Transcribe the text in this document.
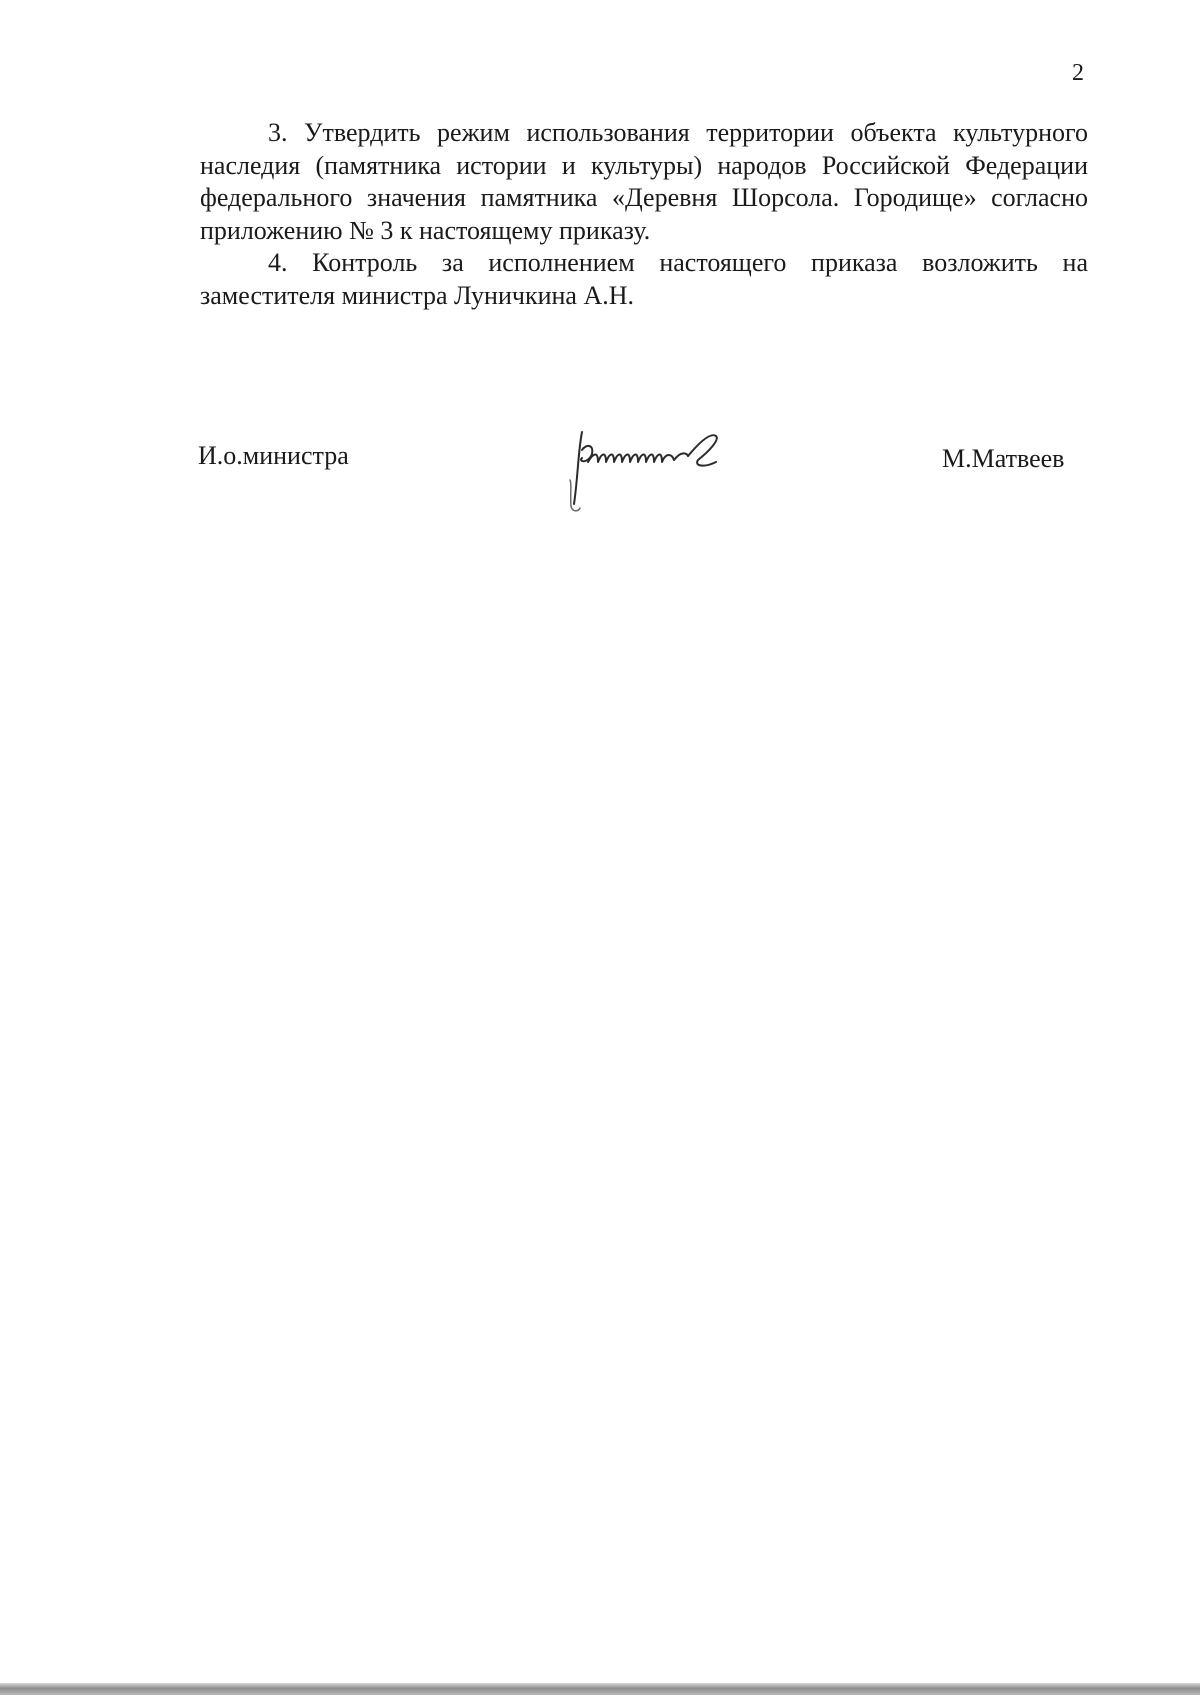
2

3. Утвердить режим использования территории объекта культурного наследия (памятника истории и культуры) народов Российской Федерации федерального значения памятника «Деревня Шорсола. Городище» согласно приложению № 3 к настоящему приказу.

4. Контроль за исполнением настоящего приказа возложить на заместителя министра Луничкина А.Н.

И.о.министра	М.Матвеев
